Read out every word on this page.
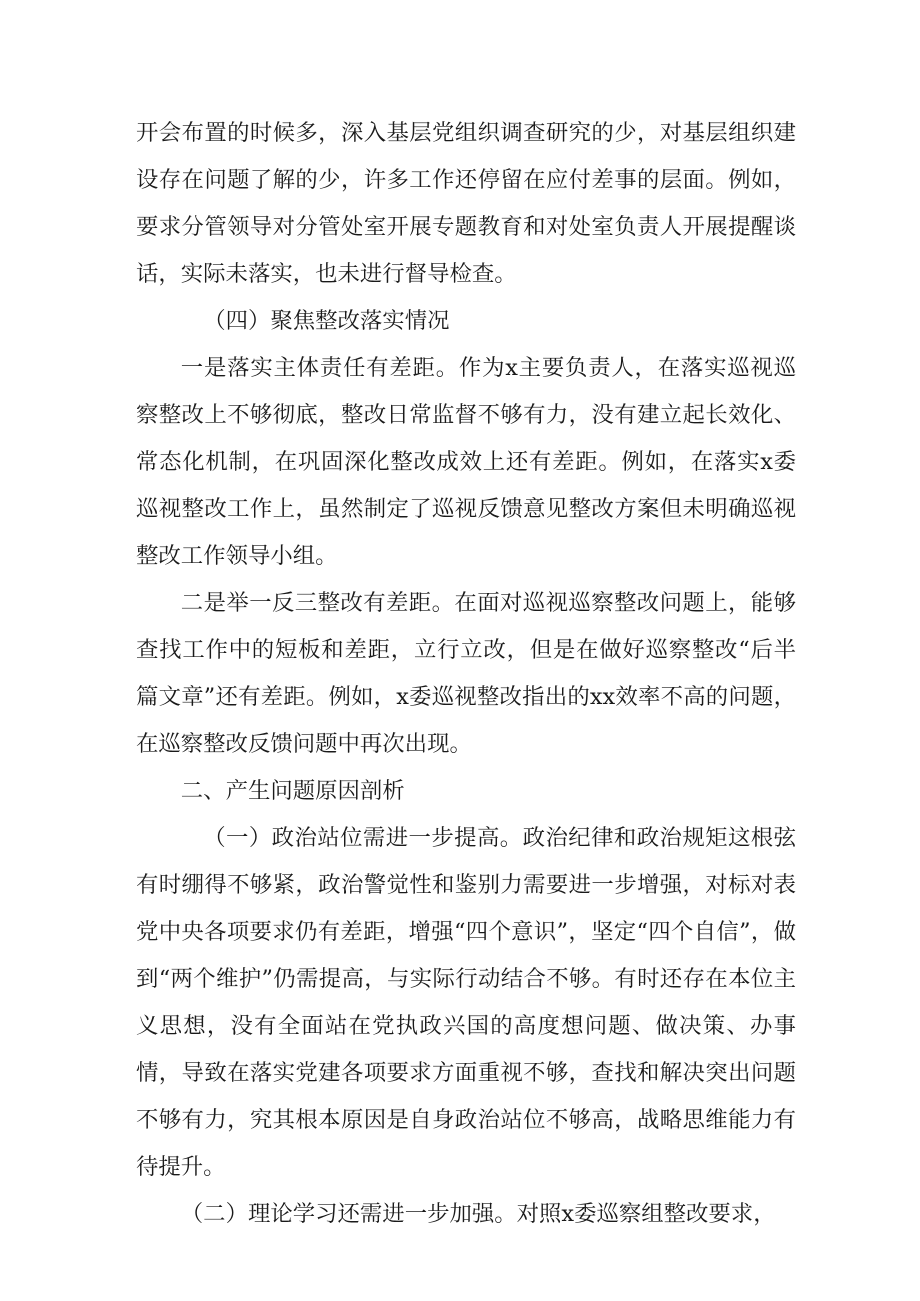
开会布置的时候多，深入基层党组织调查研究的少，对基层组织建设存在问题了解的少，许多工作还停留在应付差事的层面。例如，要求分管领导对分管处室开展专题教育和对处室负责人开展提醒谈话，实际未落实，也未进行督导检查。

（四）聚焦整改落实情况

一是落实主体责任有差距。作为x主要负责人，在落实巡视巡察整改上不够彻底，整改日常监督不够有力，没有建立起长效化、常态化机制，在巩固深化整改成效上还有差距。例如，在落实x委巡视整改工作上，虽然制定了巡视反馈意见整改方案但未明确巡视整改工作领导小组。

二是举一反三整改有差距。在面对巡视巡察整改问题上，能够查找工作中的短板和差距，立行立改，但是在做好巡察整改“后半篇文章”还有差距。例如，x委巡视整改指出的xx效率不高的问题，在巡察整改反馈问题中再次出现。

二、产生问题原因剖析

（一）政治站位需进一步提高。政治纪律和政治规矩这根弦有时绷得不够紧，政治警觉性和鉴别力需要进一步增强，对标对表党中央各项要求仍有差距，增强“四个意识”，坚定“四个自信”，做到“两个维护”仍需提高，与实际行动结合不够。有时还存在本位主义思想，没有全面站在党执政兴国的高度想问题、做决策、办事情，导致在落实党建各项要求方面重视不够，查找和解决突出问题不够有力，究其根本原因是自身政治站位不够高，战略思维能力有待提升。

（二）理论学习还需进一步加强。对照x委巡察组整改要求，
